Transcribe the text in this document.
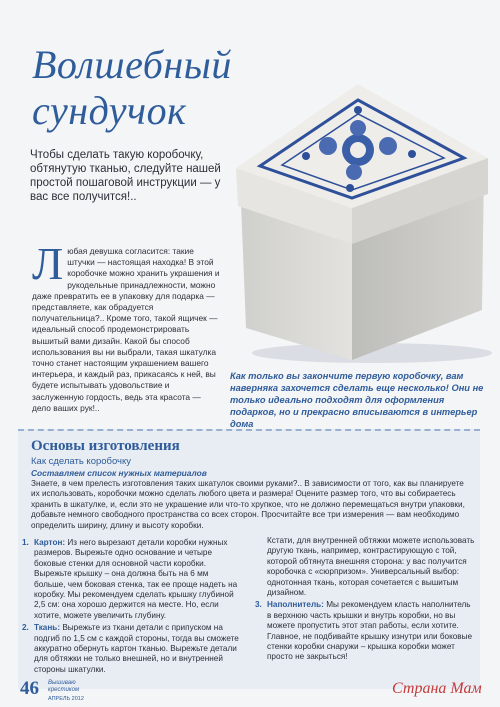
Волшебный сундучок
Чтобы сделать такую коробочку, обтянутую тканью, следуйте нашей простой пошаговой инструкции — у вас все получится!..
Л юбая девушка согласится: такие штучки — настоящая находка! В этой коробочке можно хранить украшения и рукодельные принадлежности, можно даже превратить ее в упаковку для подарка — представляете, как обрадуется получательница?.. Кроме того, такой ящичек — идеальный способ продемонстрировать вышитый вами дизайн. Какой бы способ использования вы ни выбрали, такая шкатулка точно станет настоящим украшением вашего интерьера, и каждый раз, прикасаясь к ней, вы будете испытывать удовольствие и заслуженную гордость, ведь эта красота — дело ваших рук!..
Как только вы закончите первую коробочку, вам наверняка захочется сделать еще несколько! Они не только идеально подходят для оформления подарков, но и прекрасно вписываются в интерьер дома
Основы изготовления
Как сделать коробочку
Составляем список нужных материалов
Знаете, в чем прелесть изготовления таких шкатулок своими руками?.. В зависимости от того, как вы планируете их использовать, коробочки можно сделать любого цвета и размера! Оцените размер того, что вы собираетесь хранить в шкатулке, и, если это не украшение или что-то хрупкое, что не должно перемещаться внутри упаковки, добавьте немного свободного пространства со всех сторон. Просчитайте все три измерения — вам необходимо определить ширину, длину и высоту коробки.
1. Картон: Из него вырезают детали коробки нужных размеров. Вырежьте одно основание и четыре боковые стенки для основной части коробки. Вырежьте крышку – она должна быть на 6 мм больше, чем боковая стенка, так ее проще надеть на коробку. Мы рекомендуем сделать крышку глубиной 2,5 см: она хорошо держится на месте. Но, если хотите, можете увеличить глубину.
2. Ткань: Вырежьте из ткани детали с припуском на подгиб по 1,5 см с каждой стороны, тогда вы сможете аккуратно обернуть картон тканью. Вырежьте детали для обтяжки не только внешней, но и внутренней стороны шкатулки.
Кстати, для внутренней обтяжки можете использовать другую ткань, например, контрастирующую с той, которой обтянута внешняя сторона: у вас получится коробочка с «сюрпризом». Универсальный выбор: однотонная ткань, которая сочетается с вышитым дизайном.
3. Наполнитель: Мы рекомендуем класть наполнитель в верхнюю часть крышки и внутрь коробки, но вы можете пропустить этот этап работы, если хотите. Главное, не подбивайте крышку изнутри или боковые стенки коробки снаружи – крышка коробки может просто не закрыться!
46 Вышиваю крестиком
АПРЕЛЬ 2012
Страна Мам
